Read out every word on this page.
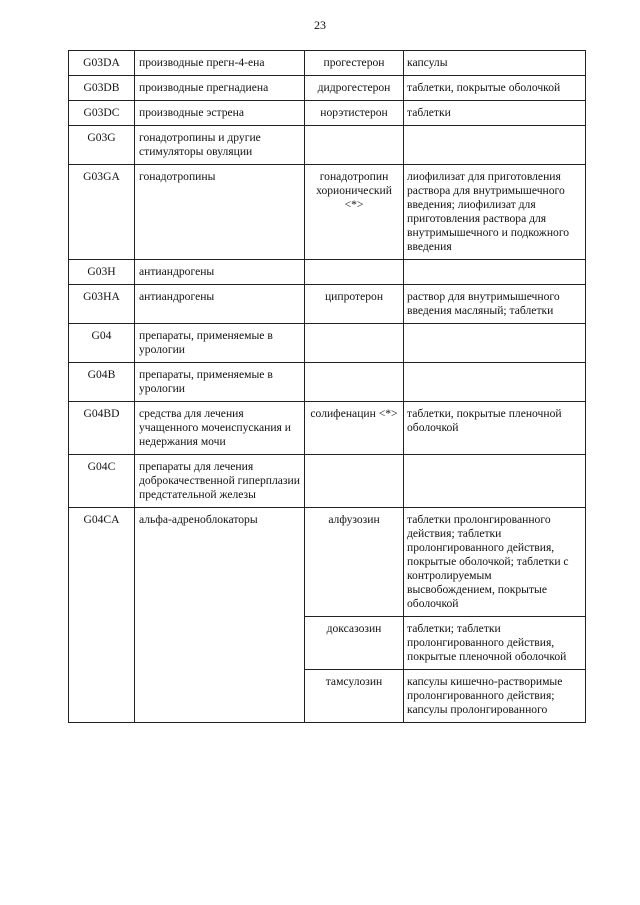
23
G03DA	производные прегн-4-ена	прогестерон	капсулы
G03DB	производные прегнадиена	дидрогестерон	таблетки, покрытые оболочкой
G03DC	производные эстрена	норэтистерон	таблетки
G03G	гонадотропины и другие стимуляторы овуляции		
G03GA	гонадотропины	гонадотропин хорионический <*>	лиофилизат для приготовления раствора для внутримышечного введения; лиофилизат для приготовления раствора для внутримышечного и подкожного введения
G03H	антиандрогены		
G03HA	антиандрогены	ципротерон	раствор для внутримышечного введения масляный; таблетки
G04	препараты, применяемые в урологии		
G04B	препараты, применяемые в урологии		
G04BD	средства для лечения учащенного мочеиспускания и недержания мочи	солифенацин <*>	таблетки, покрытые пленочной оболочкой
G04C	препараты для лечения доброкачественной гиперплазии предстательной железы		
G04CA	альфа-адреноблокаторы	алфузозин	таблетки пролонгированного действия; таблетки пролонгированного действия, покрытые оболочкой; таблетки с контролируемым высвобождением, покрытые оболочкой
		доксазозин	таблетки; таблетки пролонгированного действия, покрытые пленочной оболочкой
		тамсулозин	капсулы кишечно-растворимые пролонгированного действия; капсулы пролонгированного
